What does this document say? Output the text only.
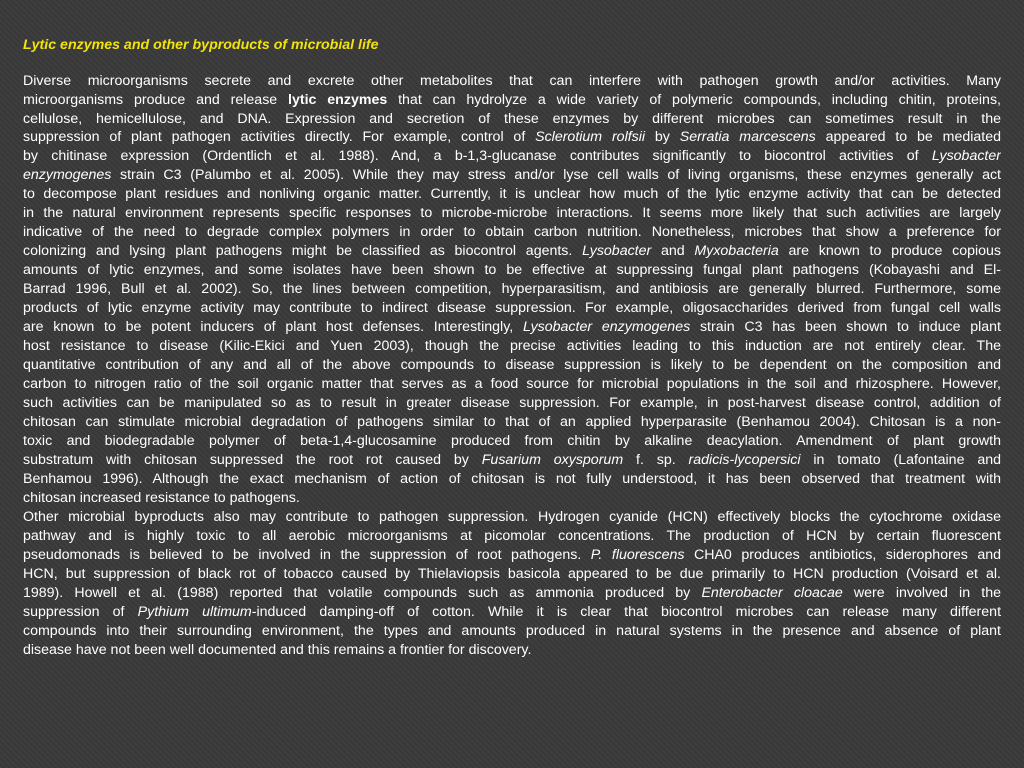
Lytic enzymes and other byproducts of microbial life
Diverse microorganisms secrete and excrete other metabolites that can interfere with pathogen growth and/or activities. Many
microorganisms produce and release lytic enzymes that can hydrolyze a wide variety of polymeric compounds, including chitin, proteins,
cellulose, hemicellulose, and DNA. Expression and secretion of these enzymes by different microbes can sometimes result in the
suppression of plant pathogen activities directly. For example, control of Sclerotium rolfsii by Serratia marcescens appeared to be mediated
by chitinase expression (Ordentlich et al. 1988). And, a b-1,3-glucanase contributes significantly to biocontrol activities of Lysobacter
enzymogenes strain C3 (Palumbo et al. 2005). While they may stress and/or lyse cell walls of living organisms, these enzymes generally act
to decompose plant residues and nonliving organic matter. Currently, it is unclear how much of the lytic enzyme activity that can be detected
in the natural environment represents specific responses to microbe-microbe interactions. It seems more likely that such activities are largely
indicative of the need to degrade complex polymers in order to obtain carbon nutrition. Nonetheless, microbes that show a preference for
colonizing and lysing plant pathogens might be classified as biocontrol agents. Lysobacter and Myxobacteria are known to produce copious
amounts of lytic enzymes, and some isolates have been shown to be effective at suppressing fungal plant pathogens (Kobayashi and El-
Barrad 1996, Bull et al. 2002). So, the lines between competition, hyperparasitism, and antibiosis are generally blurred. Furthermore, some
products of lytic enzyme activity may contribute to indirect disease suppression. For example, oligosaccharides derived from fungal cell walls
are known to be potent inducers of plant host defenses. Interestingly, Lysobacter enzymogenes strain C3 has been shown to induce plant
host resistance to disease (Kilic-Ekici and Yuen 2003), though the precise activities leading to this induction are not entirely clear. The
quantitative contribution of any and all of the above compounds to disease suppression is likely to be dependent on the composition and
carbon to nitrogen ratio of the soil organic matter that serves as a food source for microbial populations in the soil and rhizosphere. However,
such activities can be manipulated so as to result in greater disease suppression. For example, in post-harvest disease control, addition of
chitosan can stimulate microbial degradation of pathogens similar to that of an applied hyperparasite (Benhamou 2004). Chitosan is a non-
toxic and biodegradable polymer of beta-1,4-glucosamine produced from chitin by alkaline deacylation. Amendment of plant growth
substratum with chitosan suppressed the root rot caused by Fusarium oxysporum f. sp. radicis-lycopersici in tomato (Lafontaine and
Benhamou 1996). Although the exact mechanism of action of chitosan is not fully understood, it has been observed that treatment with
chitosan increased resistance to pathogens.
Other microbial byproducts also may contribute to pathogen suppression. Hydrogen cyanide (HCN) effectively blocks the cytochrome oxidase
pathway and is highly toxic to all aerobic microorganisms at picomolar concentrations. The production of HCN by certain fluorescent
pseudomonads is believed to be involved in the suppression of root pathogens. P. fluorescens CHA0 produces antibiotics, siderophores and
HCN, but suppression of black rot of tobacco caused by Thielaviopsis basicola appeared to be due primarily to HCN production (Voisard et al.
1989). Howell et al. (1988) reported that volatile compounds such as ammonia produced by Enterobacter cloacae were involved in the
suppression of Pythium ultimum-induced damping-off of cotton. While it is clear that biocontrol microbes can release many different
compounds into their surrounding environment, the types and amounts produced in natural systems in the presence and absence of plant
disease have not been well documented and this remains a frontier for discovery.
